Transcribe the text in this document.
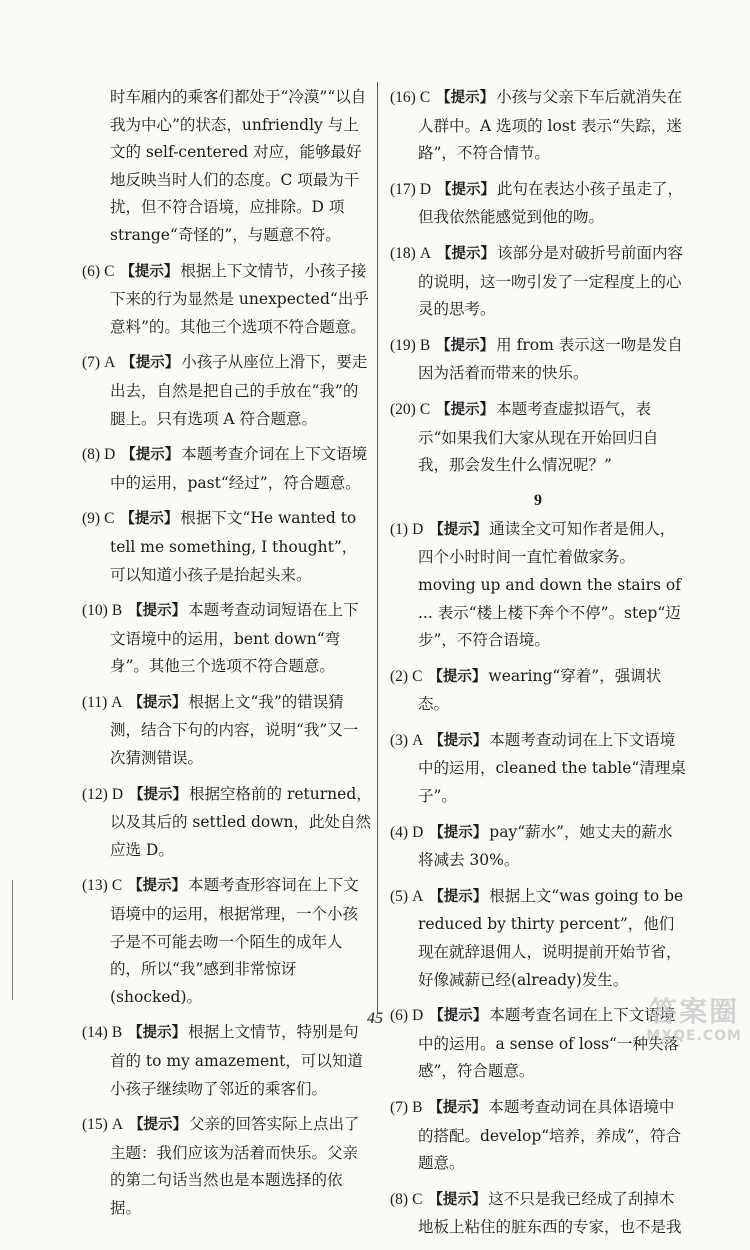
时车厢内的乘客们都处于“冷漠”“以自我为中心”的状态，unfriendly 与上文的 self-centered 对应，能够最好地反映当时人们的态度。C 项最为干扰，但不符合语境，应排除。D 项 strange“奇怪的”，与题意不符。
(6) C 【提示】 根据上下文情节，小孩子接下来的行为显然是 unexpected“出乎意料”的。其他三个选项不符合题意。
(7) A 【提示】 小孩子从座位上滑下，要走出去，自然是把自己的手放在“我”的腿上。只有选项 A 符合题意。
(8) D 【提示】 本题考查介词在上下文语境中的运用，past“经过”，符合题意。
(9) C 【提示】 根据下文“He wanted to tell me something, I thought”，可以知道小孩子是抬起头来。
(10) B 【提示】 本题考查动词短语在上下文语境中的运用，bent down“弯身”。其他三个选项不符合题意。
(11) A 【提示】 根据上文“我”的错误猜测，结合下句的内容，说明“我”又一次猜测错误。
(12) D 【提示】 根据空格前的 returned，以及其后的 settled down，此处自然应选 D。
(13) C 【提示】 本题考查形容词在上下文语境中的运用，根据常理，一个小孩子是不可能去吻一个陌生的成年人的，所以“我”感到非常惊讶(shocked)。
(14) B 【提示】 根据上文情节，特别是句首的 to my amazement，可以知道小孩子继续吻了邻近的乘客们。
(15) A 【提示】 父亲的回答实际上点出了主题：我们应该为活着而快乐。父亲的第二句话当然也是本题选择的依据。
(16) C 【提示】 小孩与父亲下车后就消失在人群中。A 选项的 lost 表示“失踪，迷路”，不符合情节。
(17) D 【提示】 此句在表达小孩子虽走了，但我依然能感觉到他的吻。
(18) A 【提示】 该部分是对破折号前面内容的说明，这一吻引发了一定程度上的心灵的思考。
(19) B 【提示】 用 from 表示这一吻是发自因为活着而带来的快乐。
(20) C 【提示】 本题考查虚拟语气，表示“如果我们大家从现在开始回归自我，那会发生什么情况呢？”
9
(1) D 【提示】 通读全文可知作者是佣人，四个小时时间一直忙着做家务。moving up and down the stairs of ... 表示“楼上楼下奔个不停”。step“迈步”，不符合语境。
(2) C 【提示】 wearing“穿着”，强调状态。
(3) A 【提示】 本题考查动词在上下文语境中的运用，cleaned the table“清理桌子”。
(4) D 【提示】 pay“薪水”，她丈夫的薪水将减去 30%。
(5) A 【提示】 根据上文“was going to be reduced by thirty percent”，他们现在就辞退佣人，说明提前开始节省，好像减薪已经(already)发生。
(6) D 【提示】 本题考查名词在上下文语境中的运用。a sense of loss“一种失落感”，符合题意。
(7) B 【提示】 本题考查动词在具体语境中的搭配。develop“培养，养成”，符合题意。
(8) C 【提示】 这不只是我已经成了刮掉木地板上粘住的脏东西的专家，也不是我
45	答案圈
MXQE.COM
